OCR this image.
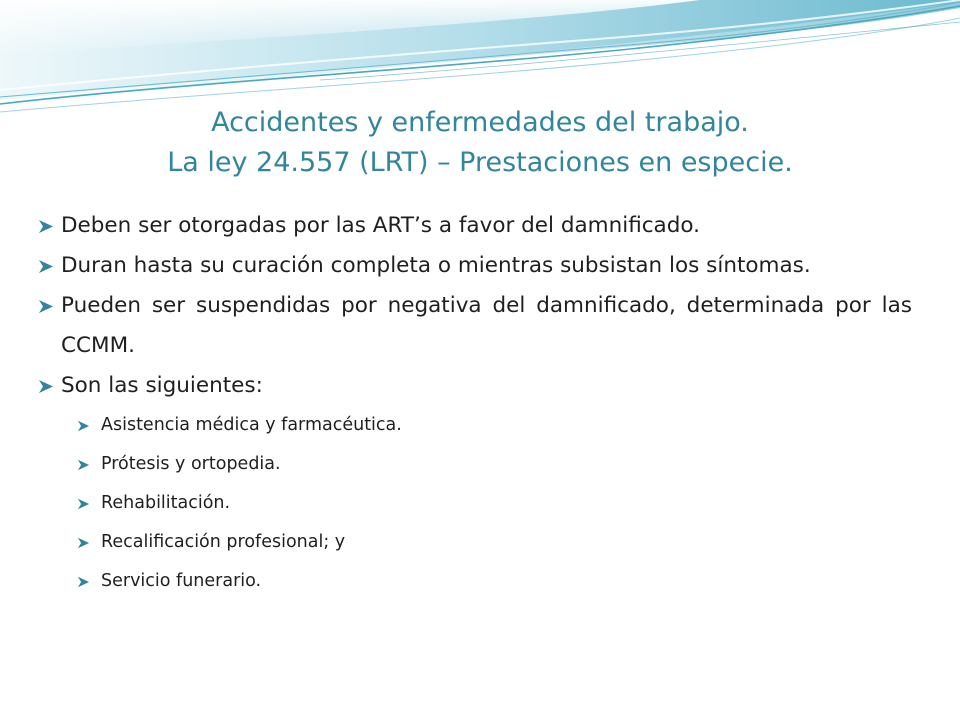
Accidentes y enfermedades del trabajo.
La ley 24.557 (LRT) – Prestaciones en especie.
Deben ser otorgadas por las ART’s a favor del damnificado.
Duran hasta su curación completa o mientras subsistan los síntomas.
Pueden ser suspendidas por negativa del damnificado, determinada por las CCMM.
Son las siguientes:
Asistencia médica y farmacéutica.
Prótesis y ortopedia.
Rehabilitación.
Recalificación profesional; y
Servicio funerario.
